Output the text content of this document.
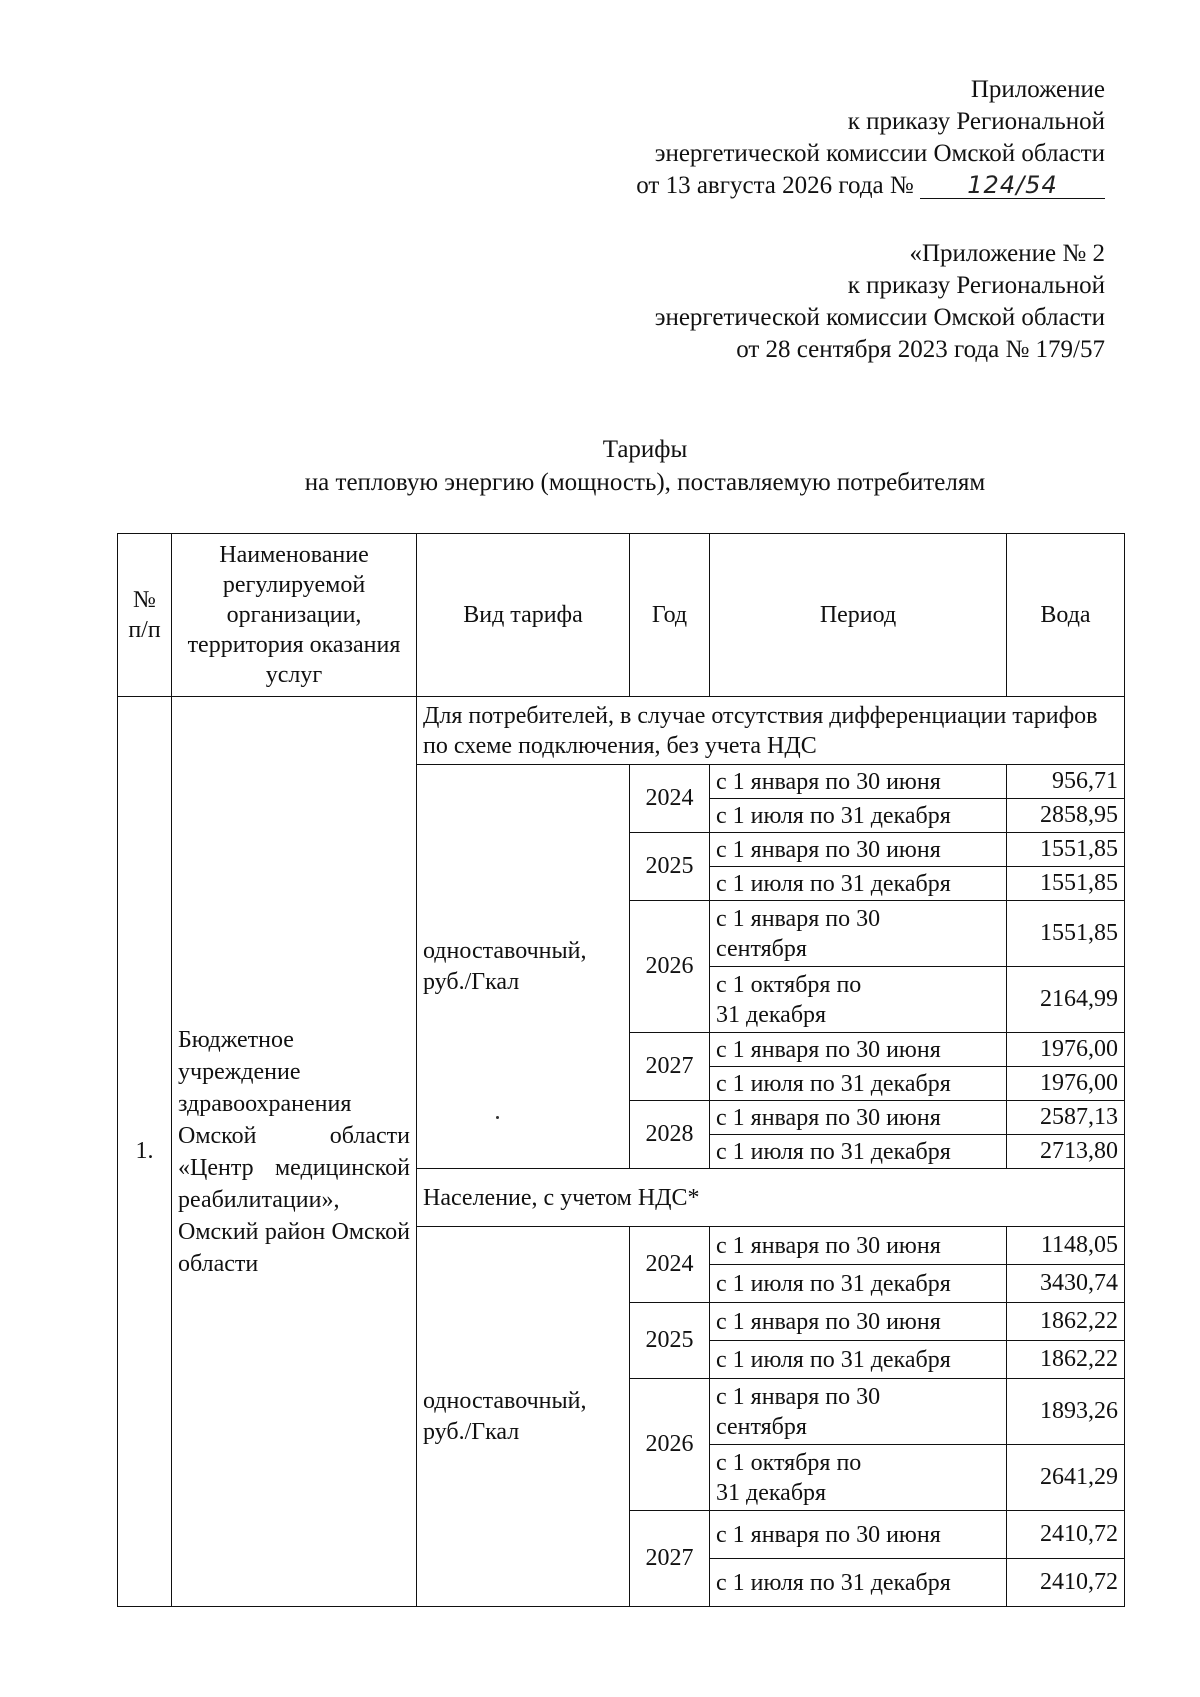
Приложение
к приказу Региональной
энергетической комиссии Омской области
от 13 августа 2026 года № 124/54
«Приложение № 2
к приказу Региональной
энергетической комиссии Омской области
от 28 сентября 2023 года № 179/57
Тарифы
на тепловую энергию (мощность), поставляемую потребителям
№ п/п	Наименование регулируемой организации, территория оказания услуг	Вид тарифа	Год	Период	Вода
1.	Бюджетное учреждение здравоохранения Омской области «Центр медицинской реабилитации», Омский район Омской области	Для потребителей, в случае отсутствия дифференциации тарифов по схеме подключения, без учета НДС			
		одноставочный, руб./Гкал	2024	с 1 января по 30 июня	956,71
				с 1 июля по 31 декабря	2858,95
			2025	с 1 января по 30 июня	1551,85
				с 1 июля по 31 декабря	1551,85
			2026	с 1 января по 30 сентября	1551,85
				с 1 октября по 31 декабря	2164,99
			2027	с 1 января по 30 июня	1976,00
				с 1 июля по 31 декабря	1976,00
			2028	с 1 января по 30 июня	2587,13
				с 1 июля по 31 декабря	2713,80
		Население, с учетом НДС*			
		одноставочный, руб./Гкал	2024	с 1 января по 30 июня	1148,05
				с 1 июля по 31 декабря	3430,74
			2025	с 1 января по 30 июня	1862,22
				с 1 июля по 31 декабря	1862,22
			2026	с 1 января по 30 сентября	1893,26
				с 1 октября по 31 декабря	2641,29
			2027	с 1 января по 30 июня	2410,72
				с 1 июля по 31 декабря	2410,72
